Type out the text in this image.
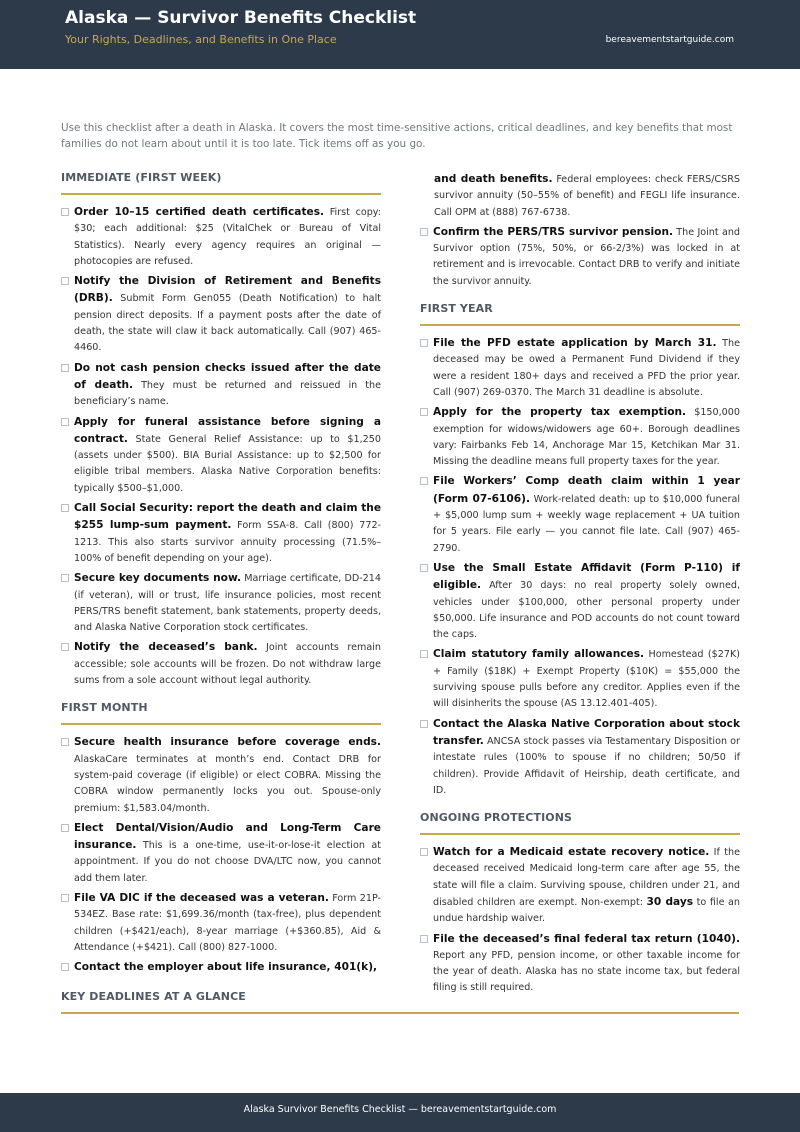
Alaska — Survivor Benefits Checklist
Your Rights, Deadlines, and Benefits in One Place	bereavementstartguide.com
Use this checklist after a death in Alaska. It covers the most time-sensitive actions, critical deadlines, and key benefits that most families do not learn about until it is too late. Tick items off as you go.
IMMEDIATE (FIRST WEEK)
Order 10–15 certified death certificates. First copy: $30; each additional: $25 (VitalChek or Bureau of Vital Statistics). Nearly every agency requires an original — photocopies are refused.
Notify the Division of Retirement and Benefits (DRB). Submit Form Gen055 (Death Notification) to halt pension direct deposits. If a payment posts after the date of death, the state will claw it back automatically. Call (907) 465-4460.
Do not cash pension checks issued after the date of death. They must be returned and reissued in the beneficiary’s name.
Apply for funeral assistance before signing a contract. State General Relief Assistance: up to $1,250 (assets under $500). BIA Burial Assistance: up to $2,500 for eligible tribal members. Alaska Native Corporation benefits: typically $500–$1,000.
Call Social Security: report the death and claim the $255 lump-sum payment. Form SSA-8. Call (800) 772-1213. This also starts survivor annuity processing (71.5%–100% of benefit depending on your age).
Secure key documents now. Marriage certificate, DD-214 (if veteran), will or trust, life insurance policies, most recent PERS/TRS benefit statement, bank statements, property deeds, and Alaska Native Corporation stock certificates.
Notify the deceased’s bank. Joint accounts remain accessible; sole accounts will be frozen. Do not withdraw large sums from a sole account without legal authority.
FIRST MONTH
Secure health insurance before coverage ends. AlaskaCare terminates at month’s end. Contact DRB for system-paid coverage (if eligible) or elect COBRA. Missing the COBRA window permanently locks you out. Spouse-only premium: $1,583.04/month.
Elect Dental/Vision/Audio and Long-Term Care insurance. This is a one-time, use-it-or-lose-it election at appointment. If you do not choose DVA/LTC now, you cannot add them later.
File VA DIC if the deceased was a veteran. Form 21P-534EZ. Base rate: $1,699.36/month (tax-free), plus dependent children (+$421/each), 8-year marriage (+$360.85), Aid & Attendance (+$421). Call (800) 827-1000.
Contact the employer about life insurance, 401(k),
and death benefits. Federal employees: check FERS/CSRS survivor annuity (50–55% of benefit) and FEGLI life insurance. Call OPM at (888) 767-6738.
Confirm the PERS/TRS survivor pension. The Joint and Survivor option (75%, 50%, or 66-2/3%) was locked in at retirement and is irrevocable. Contact DRB to verify and initiate the survivor annuity.
FIRST YEAR
File the PFD estate application by March 31. The deceased may be owed a Permanent Fund Dividend if they were a resident 180+ days and received a PFD the prior year. Call (907) 269-0370. The March 31 deadline is absolute.
Apply for the property tax exemption. $150,000 exemption for widows/widowers age 60+. Borough deadlines vary: Fairbanks Feb 14, Anchorage Mar 15, Ketchikan Mar 31. Missing the deadline means full property taxes for the year.
File Workers’ Comp death claim within 1 year (Form 07-6106). Work-related death: up to $10,000 funeral + $5,000 lump sum + weekly wage replacement + UA tuition for 5 years. File early — you cannot file late. Call (907) 465-2790.
Use the Small Estate Affidavit (Form P-110) if eligible. After 30 days: no real property solely owned, vehicles under $100,000, other personal property under $50,000. Life insurance and POD accounts do not count toward the caps.
Claim statutory family allowances. Homestead ($27K) + Family ($18K) + Exempt Property ($10K) = $55,000 the surviving spouse pulls before any creditor. Applies even if the will disinherits the spouse (AS 13.12.401-405).
Contact the Alaska Native Corporation about stock transfer. ANCSA stock passes via Testamentary Disposition or intestate rules (100% to spouse if no children; 50/50 if children). Provide Affidavit of Heirship, death certificate, and ID.
ONGOING PROTECTIONS
Watch for a Medicaid estate recovery notice. If the deceased received Medicaid long-term care after age 55, the state will file a claim. Surviving spouse, children under 21, and disabled children are exempt. Non-exempt: 30 days to file an undue hardship waiver.
File the deceased’s final federal tax return (1040). Report any PFD, pension income, or other taxable income for the year of death. Alaska has no state income tax, but federal filing is still required.
KEY DEADLINES AT A GLANCE
Alaska Survivor Benefits Checklist — bereavementstartguide.com
